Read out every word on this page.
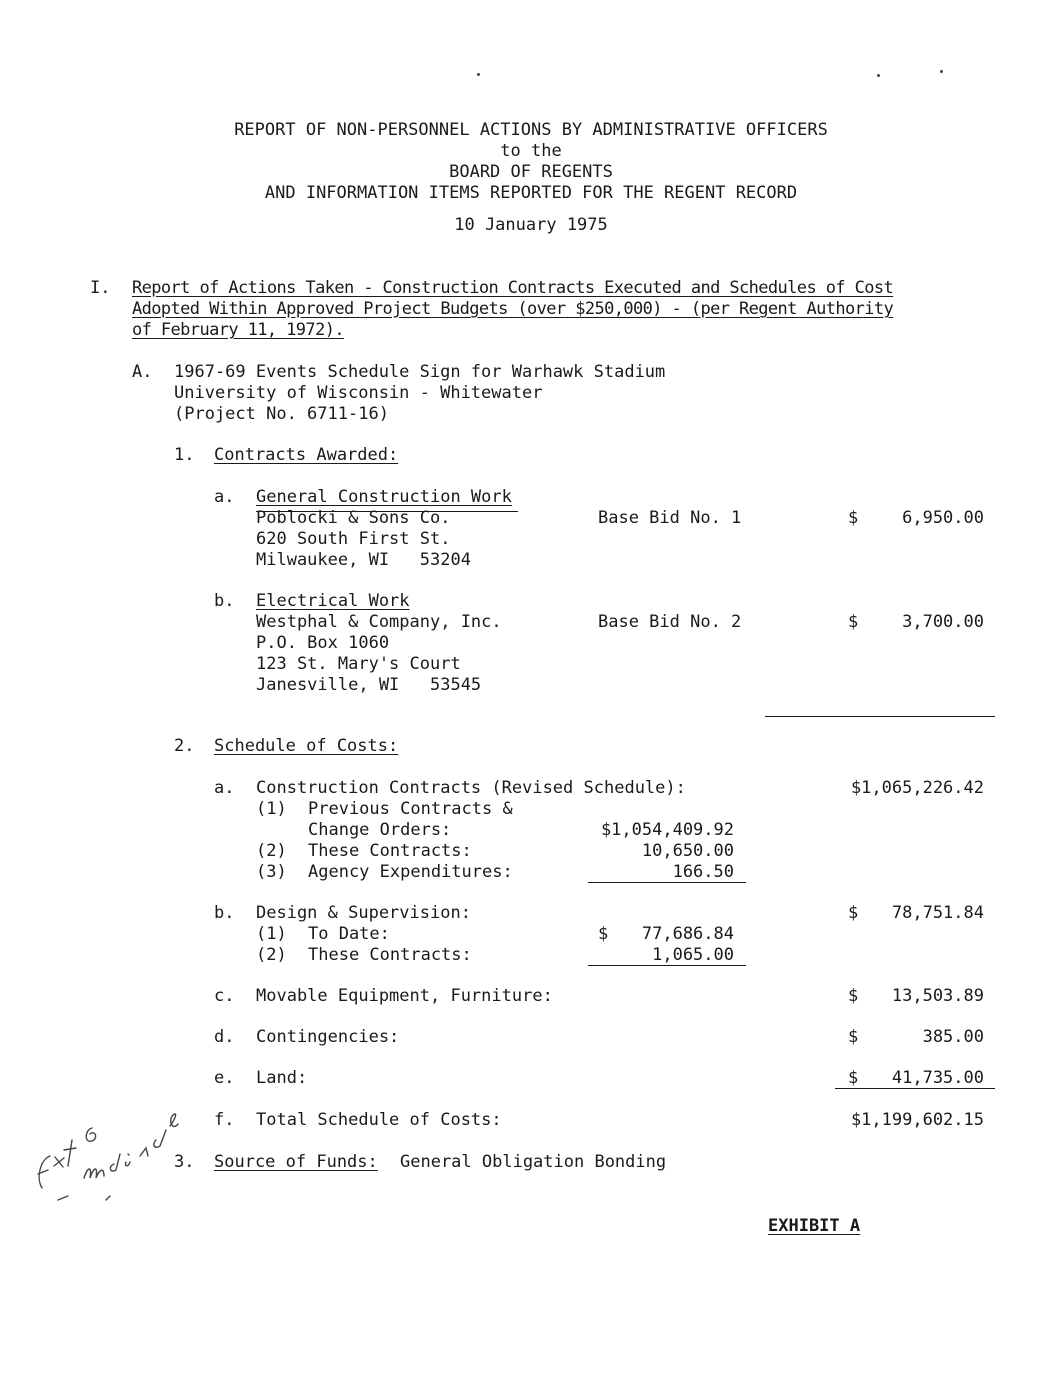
REPORT OF NON-PERSONNEL ACTIONS BY ADMINISTRATIVE OFFICERS
to the
BOARD OF REGENTS
AND INFORMATION ITEMS REPORTED FOR THE REGENT RECORD
10 January 1975
I. Report of Actions Taken - Construction Contracts Executed and Schedules of Cost
Adopted Within Approved Project Budgets (over $250,000) - (per Regent Authority
of February 11, 1972).
A. 1967-69 Events Schedule Sign for Warhawk Stadium
University of Wisconsin - Whitewater
(Project No. 6711-16)
1. Contracts Awarded:
a. General Construction Work
Poblocki & Sons Co.
620 South First St.
Milwaukee, WI   53204
Base Bid No. 1	$	6,950.00
b. Electrical Work
Westphal & Company, Inc.
P.O. Box 1060
123 St. Mary's Court
Janesville, WI   53545
Base Bid No. 2	$	3,700.00
2. Schedule of Costs:
a. Construction Contracts (Revised Schedule):	$1,065,226.42
(1) Previous Contracts &
Change Orders:	$1,054,409.92
(2) These Contracts:	10,650.00
(3) Agency Expenditures:	166.50
b. Design & Supervision:	$	78,751.84
(1) To Date:	$	77,686.84
(2) These Contracts:	1,065.00
c. Movable Equipment, Furniture:	$	13,503.89
d. Contingencies:	$	385.00
e. Land:	$	41,735.00
f. Total Schedule of Costs:	$1,199,602.15
3. Source of Funds: General Obligation Bonding
EXHIBIT A
